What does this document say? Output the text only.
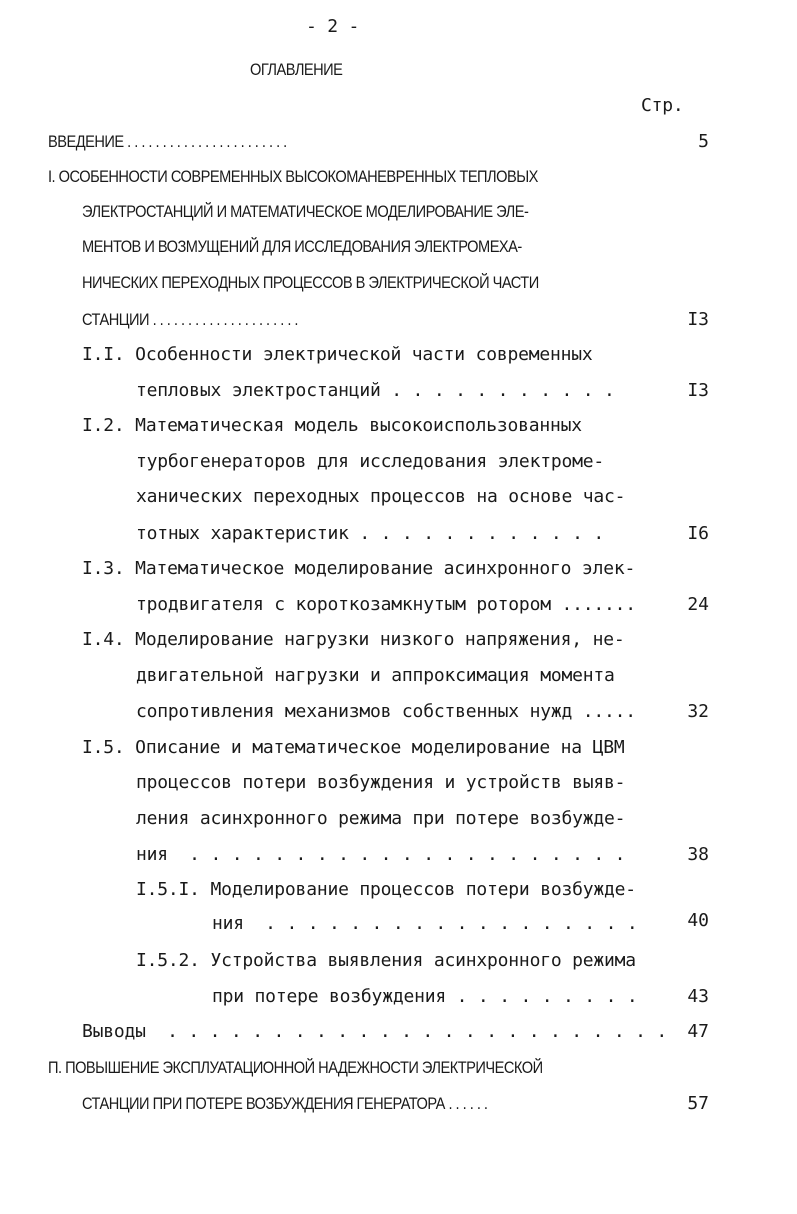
- 2 -
ОГЛАВЛЕНИЕ
Стр.
ВВЕДЕНИЕ . . . . . . . . . . . . . . . . . . . . . . .	5
I. ОСОБЕННОСТИ СОВРЕМЕННЫХ ВЫСОКОМАНЕВРЕННЫХ ТЕПЛОВЫХ
ЭЛЕКТРОСТАНЦИЙ И МАТЕМАТИЧЕСКОЕ МОДЕЛИРОВАНИЕ ЭЛЕ-
МЕНТОВ И ВОЗМУЩЕНИЙ ДЛЯ ИССЛЕДОВАНИЯ ЭЛЕКТРОМЕХА-
НИЧЕСКИХ ПЕРЕХОДНЫХ ПРОЦЕССОВ В ЭЛЕКТРИЧЕСКОЙ ЧАСТИ
СТАНЦИИ . . . . . . . . . . . . . . . . . . . . .	I3
I.I. Особенности электрической части современных
тепловых электростанций . . . . . . . . . . .	I3
I.2. Математическая модель высокоиспользованных
турбогенераторов для исследования электроме-
ханических переходных процессов на основе час-
тотных характеристик . . . . . . . . . . . .	I6
I.3. Математическое моделирование асинхронного элек-
тродвигателя с короткозамкнутым ротором .......	24
I.4. Моделирование нагрузки низкого напряжения, не-
двигательной нагрузки и аппроксимация момента
сопротивления механизмов собственных нужд .....	32
I.5. Описание и математическое моделирование на ЦВМ
процессов потери возбуждения и устройств выяв-
ления асинхронного режима при потере возбужде-
ния  . . . . . . . . . . . . . . . . . . . . .	38
I.5.I. Моделирование процессов потери возбужде-
ния  . . . . . . . . . . . . . . . . . .	40
I.5.2. Устройства выявления асинхронного режима
при потере возбуждения . . . . . . . . .	43
Выводы  . . . . . . . . . . . . . . . . . . . . . . . .	47
П. ПОВЫШЕНИЕ ЭКСПЛУАТАЦИОННОЙ НАДЕЖНОСТИ ЭЛЕКТРИЧЕСКОЙ
СТАНЦИИ ПРИ ПОТЕРЕ ВОЗБУЖДЕНИЯ ГЕНЕРАТОРА . . . . . .	57
